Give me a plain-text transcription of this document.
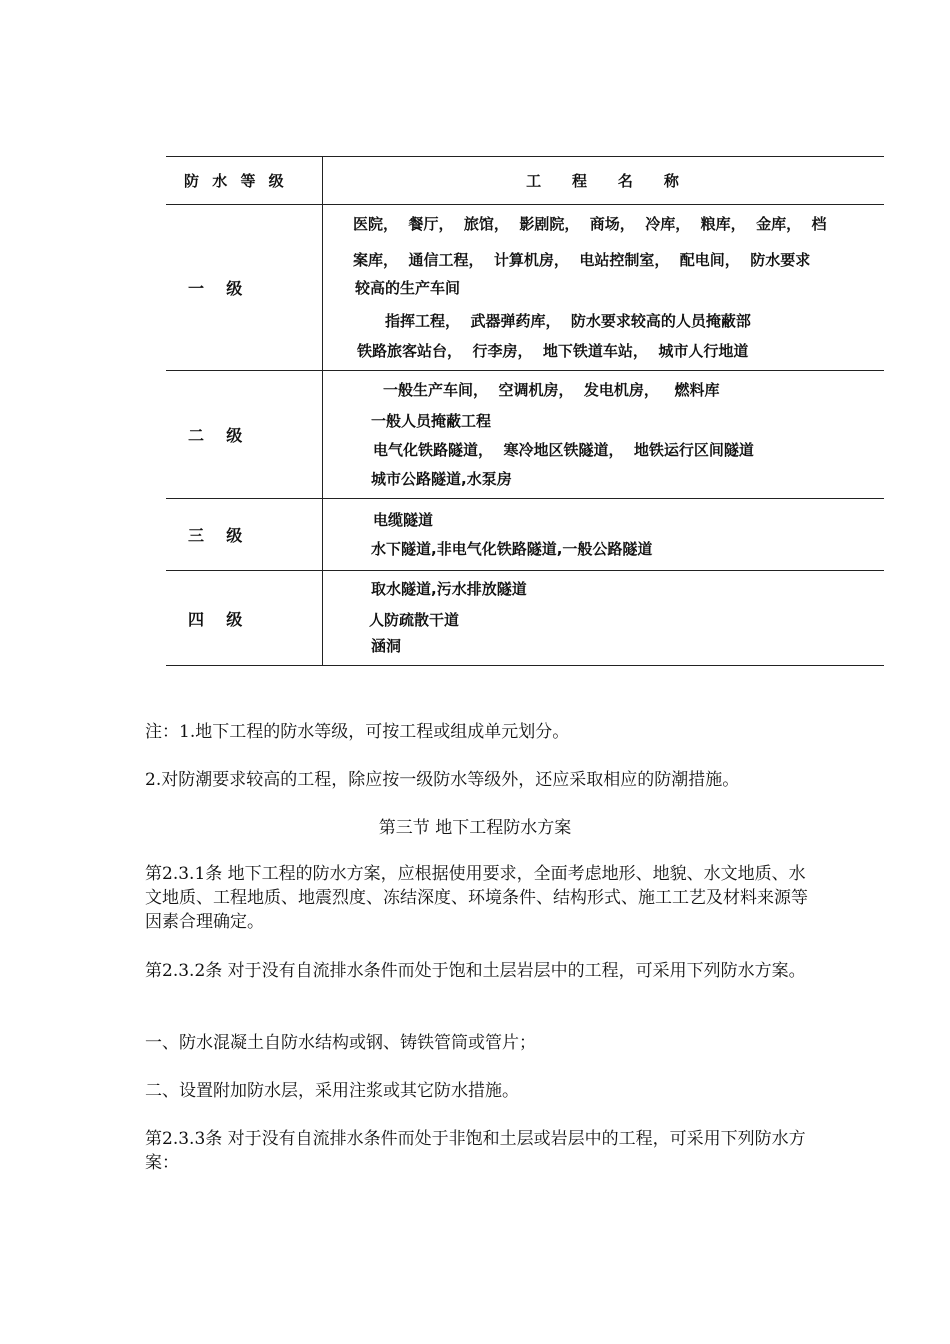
防 水 等 级	工    程    名    称
一    级	医院，  餐厅，  旅馆，  影剧院，  商场，  冷库，  粮库，  金库，  档
案库，  通信工程，  计算机房，  电站控制室，  配电间，  防水要求
较高的生产车间
指挥工程，  武器弹药库，  防水要求较高的人员掩蔽部
铁路旅客站台，  行李房，  地下铁道车站，  城市人行地道

二    级	一般生产车间，  空调机房，  发电机房，   燃料库
一般人员掩蔽工程
电气化铁路隧道，  寒冷地区铁隧道，  地铁运行区间隧道
城市公路隧道,水泵房

三    级	电缆隧道
水下隧道,非电气化铁路隧道,一般公路隧道

四    级	取水隧道,污水排放隧道
人防疏散干道
涵洞

注：1.地下工程的防水等级，可按工程或组成单元划分。

2.对防潮要求较高的工程，除应按一级防水等级外，还应采取相应的防潮措施。

第三节 地下工程防水方案

第2.3.1条 地下工程的防水方案，应根据使用要求，全面考虑地形、地貌、水文地质、水文地质、工程地质、地震烈度、冻结深度、环境条件、结构形式、施工工艺及材料来源等因素合理确定。

第2.3.2条 对于没有自流排水条件而处于饱和土层岩层中的工程，可采用下列防水方案。

一、防水混凝土自防水结构或钢、铸铁管筒或管片；

二、设置附加防水层，采用注浆或其它防水措施。

第2.3.3条 对于没有自流排水条件而处于非饱和土层或岩层中的工程，可采用下列防水方案：
